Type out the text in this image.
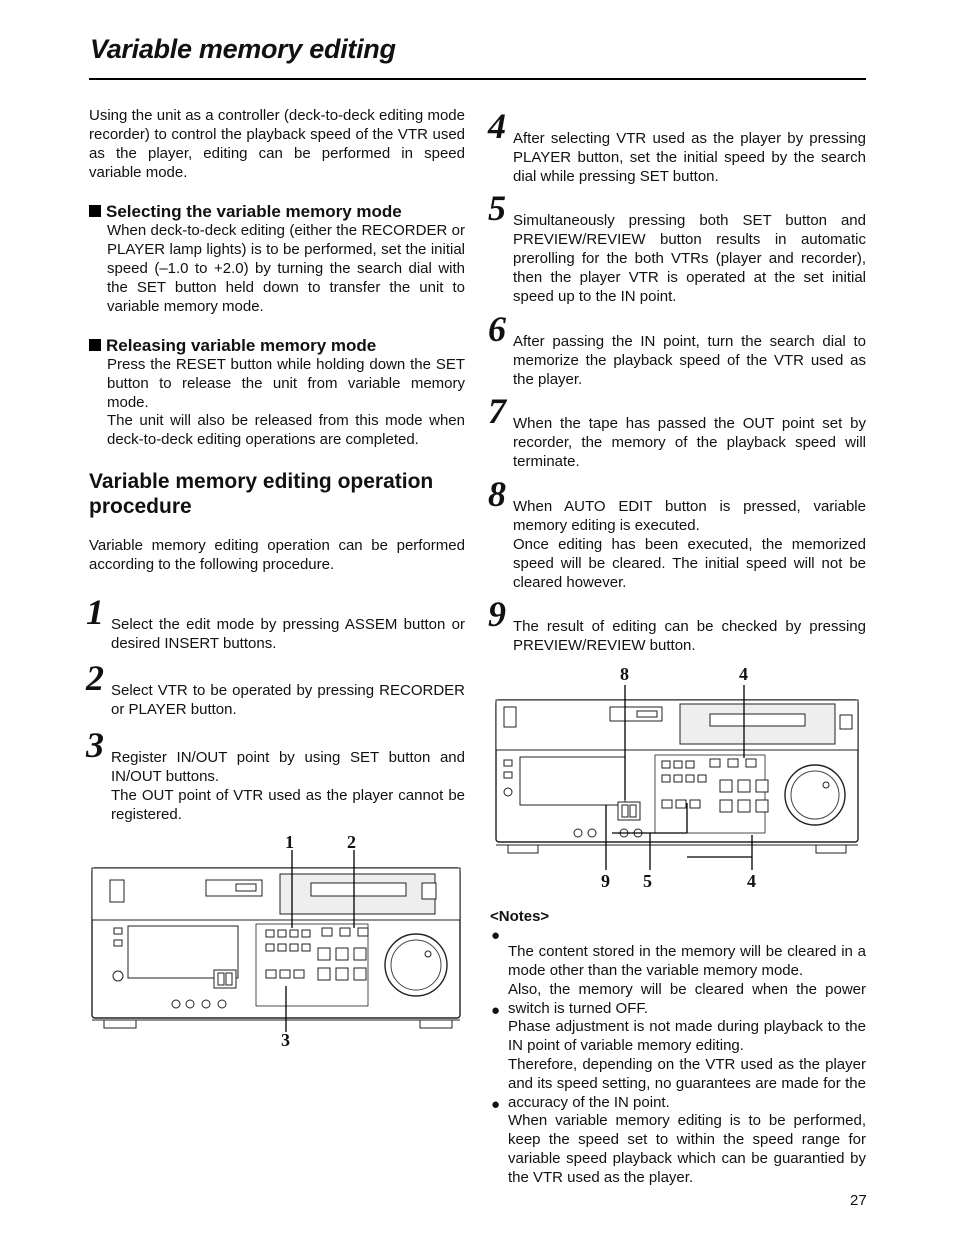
Variable memory editing

Using the unit as a controller (deck-to-deck editing mode recorder) to control the playback speed of the VTR used as the player, editing can be performed in speed variable mode.

Selecting the variable memory mode

When deck-to-deck editing (either the RECORDER or PLAYER lamp lights) is to be performed, set the initial speed (–1.0 to +2.0) by turning the search dial with the SET button held down to transfer the unit to variable memory mode.

Releasing variable memory mode

Press the RESET button while holding down the SET button to release the unit from variable memory mode.

The unit will also be released from this mode when deck-to-deck editing operations are completed.

Variable memory editing operation
procedure

Variable memory editing operation can be performed according to the following procedure.

1 Select the edit mode by pressing ASSEM button or desired INSERT buttons.

2 Select VTR to be operated by pressing RECORDER or PLAYER button.

3 Register IN/OUT point by using SET button and IN/OUT buttons.

The OUT point of VTR used as the player cannot be registered.

4 After selecting VTR used as the player by pressing PLAYER button, set the initial speed by the search dial while pressing SET button.

5 Simultaneously pressing both SET button and PREVIEW/REVIEW button results in automatic prerolling for the both VTRs (player and recorder), then the player VTR is operated at the set initial speed up to the IN point.

6 After passing the IN point, turn the search dial to memorize the playback speed of the VTR used as the player.

7 When the tape has passed the OUT point set by recorder, the memory of the playback speed will terminate.

8 When AUTO EDIT button is pressed, variable memory editing is executed.

Once editing has been executed, the memorized speed will be cleared. The initial speed will not be cleared however.

9 The result of editing can be checked by pressing PREVIEW/REVIEW button.

8	4
9 5	4
<Notes>
●

The content stored in the memory will be cleared in a mode other than the variable memory mode.

Also, the memory will be cleared when the power switch is turned OFF.

●

Phase adjustment is not made during playback to the IN point of variable memory editing.

Therefore, depending on the VTR used as the player and its speed setting, no guarantees are made for the accuracy of the IN point.

●

When variable memory editing is to be performed, keep the speed set to within the speed range for variable speed playback which can be guarantied by the VTR used as the player.

1	2
3
27
